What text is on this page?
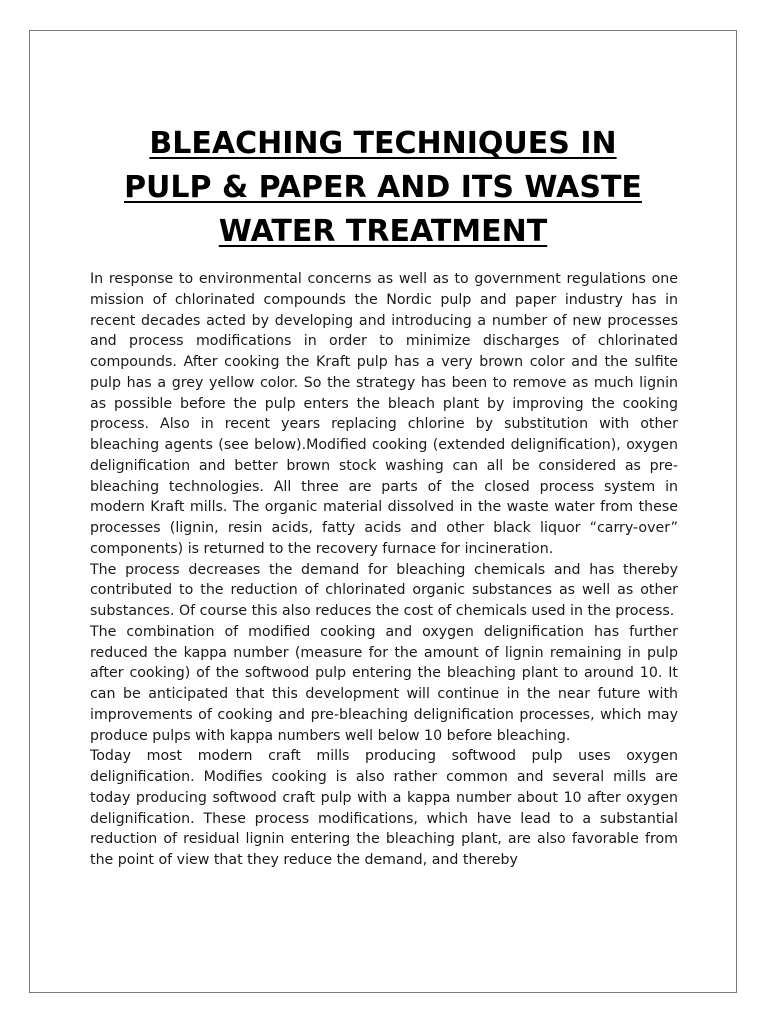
BLEACHING TECHNIQUES IN
PULP & PAPER AND ITS WASTE
WATER TREATMENT

In response to environmental concerns as well as to government regulations one mission of chlorinated compounds the Nordic pulp and paper industry has in recent decades acted by developing and introducing a number of new processes and process modifications in order to minimize discharges of chlorinated compounds. After cooking the Kraft pulp has a very brown color and the sulfite pulp has a grey yellow color. So the strategy has been to remove as much lignin as possible before the pulp enters the bleach plant by improving the cooking process. Also in recent years replacing chlorine by substitution with other bleaching agents (see below).Modified cooking (extended delignification), oxygen delignification and better brown stock washing can all be considered as pre-bleaching technologies. All three are parts of the closed process system in modern Kraft mills. The organic material dissolved in the waste water from these processes (lignin, resin acids, fatty acids and other black liquor “carry-over” components) is returned to the recovery furnace for incineration.

The process decreases the demand for bleaching chemicals and has thereby contributed to the reduction of chlorinated organic substances as well as other substances. Of course this also reduces the cost of chemicals used in the process.

The combination of modified cooking and oxygen delignification has further reduced the kappa number (measure for the amount of lignin remaining in pulp after cooking) of the softwood pulp entering the bleaching plant to around 10. It can be anticipated that this development will continue in the near future with improvements of cooking and pre-bleaching delignification processes, which may produce pulps with kappa numbers well below 10 before bleaching.

Today most modern craft mills producing softwood pulp uses oxygen delignification. Modifies cooking is also rather common and several mills are today producing softwood craft pulp with a kappa number about 10 after oxygen delignification. These process modifications, which have lead to a substantial reduction of residual lignin entering the bleaching plant, are also favorable from the point of view that they reduce the demand, and thereby
